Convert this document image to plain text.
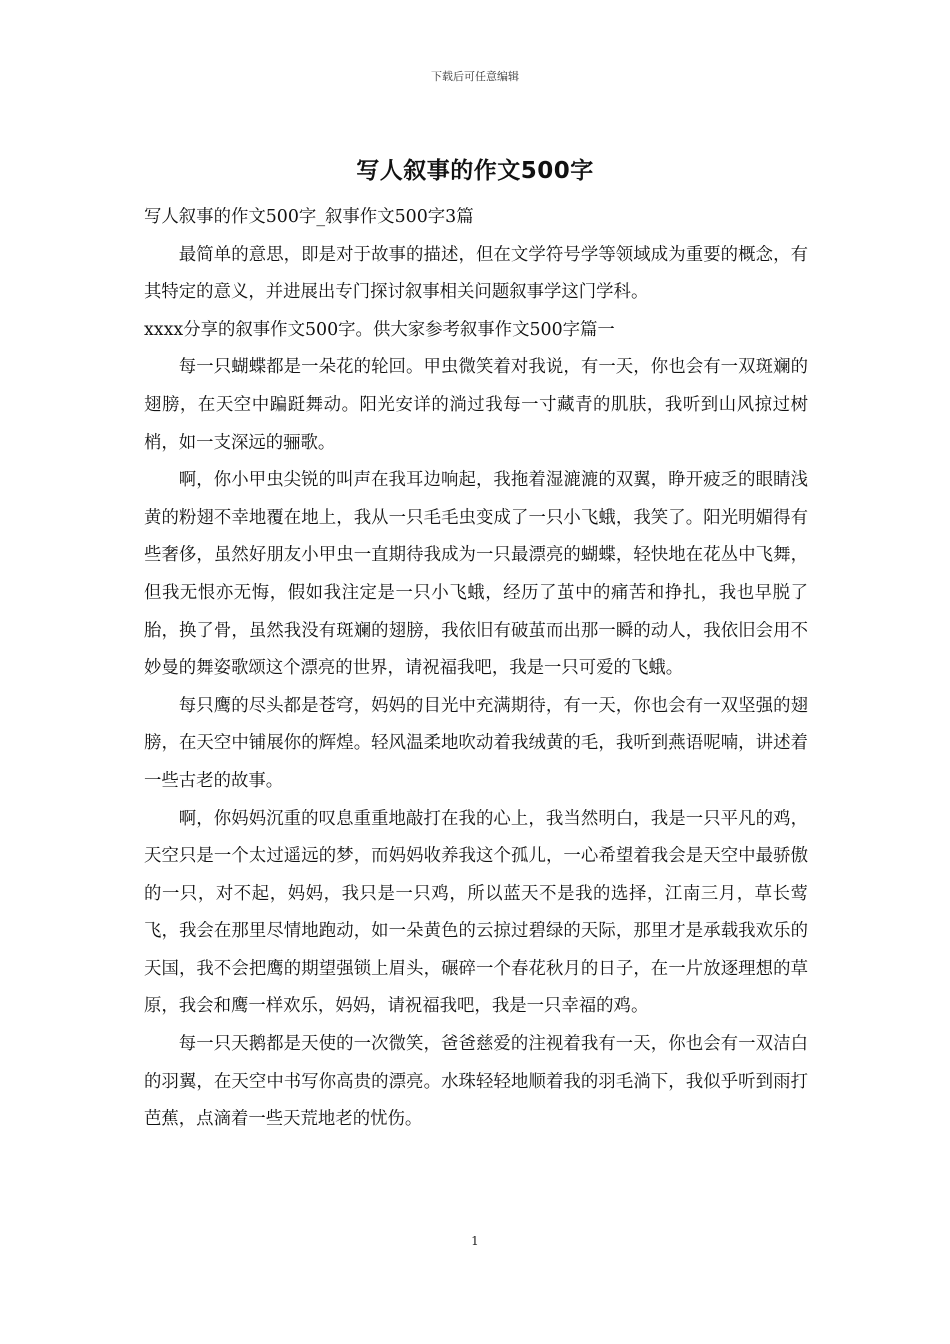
下载后可任意编辑
写人叙事的作文500字

写人叙事的作文500字_叙事作文500字3篇

最简单的意思，即是对于故事的描述，但在文学符号学等领域成为重要的概念，有其特定的意义，并进展出专门探讨叙事相关问题叙事学这门学科。

xxxx分享的叙事作文500字。供大家参考叙事作文500字篇一

每一只蝴蝶都是一朵花的轮回。甲虫微笑着对我说，有一天，你也会有一双斑斓的翅膀，在天空中蹁跹舞动。阳光安详的淌过我每一寸藏青的肌肤，我听到山风掠过树梢，如一支深远的骊歌。

啊，你小甲虫尖锐的叫声在我耳边响起，我拖着湿漉漉的双翼，睁开疲乏的眼睛浅黄的粉翅不幸地覆在地上，我从一只毛毛虫变成了一只小飞蛾，我笑了。阳光明媚得有些奢侈，虽然好朋友小甲虫一直期待我成为一只最漂亮的蝴蝶，轻快地在花丛中飞舞，但我无恨亦无悔，假如我注定是一只小飞蛾，经历了茧中的痛苦和挣扎，我也早脱了胎，换了骨，虽然我没有斑斓的翅膀，我依旧有破茧而出那一瞬的动人，我依旧会用不妙曼的舞姿歌颂这个漂亮的世界，请祝福我吧，我是一只可爱的飞蛾。

每只鹰的尽头都是苍穹，妈妈的目光中充满期待，有一天，你也会有一双坚强的翅膀，在天空中铺展你的辉煌。轻风温柔地吹动着我绒黄的毛，我听到燕语呢喃，讲述着一些古老的故事。

啊，你妈妈沉重的叹息重重地敲打在我的心上，我当然明白，我是一只平凡的鸡，天空只是一个太过遥远的梦，而妈妈收养我这个孤儿，一心希望着我会是天空中最骄傲的一只，对不起，妈妈，我只是一只鸡，所以蓝天不是我的选择，江南三月，草长莺飞，我会在那里尽情地跑动，如一朵黄色的云掠过碧绿的天际，那里才是承载我欢乐的天国，我不会把鹰的期望强锁上眉头，碾碎一个春花秋月的日子，在一片放逐理想的草原，我会和鹰一样欢乐，妈妈，请祝福我吧，我是一只幸福的鸡。

每一只天鹅都是天使的一次微笑，爸爸慈爱的注视着我有一天，你也会有一双洁白的羽翼，在天空中书写你高贵的漂亮。水珠轻轻地顺着我的羽毛淌下，我似乎听到雨打芭蕉，点滴着一些天荒地老的忧伤。

1
